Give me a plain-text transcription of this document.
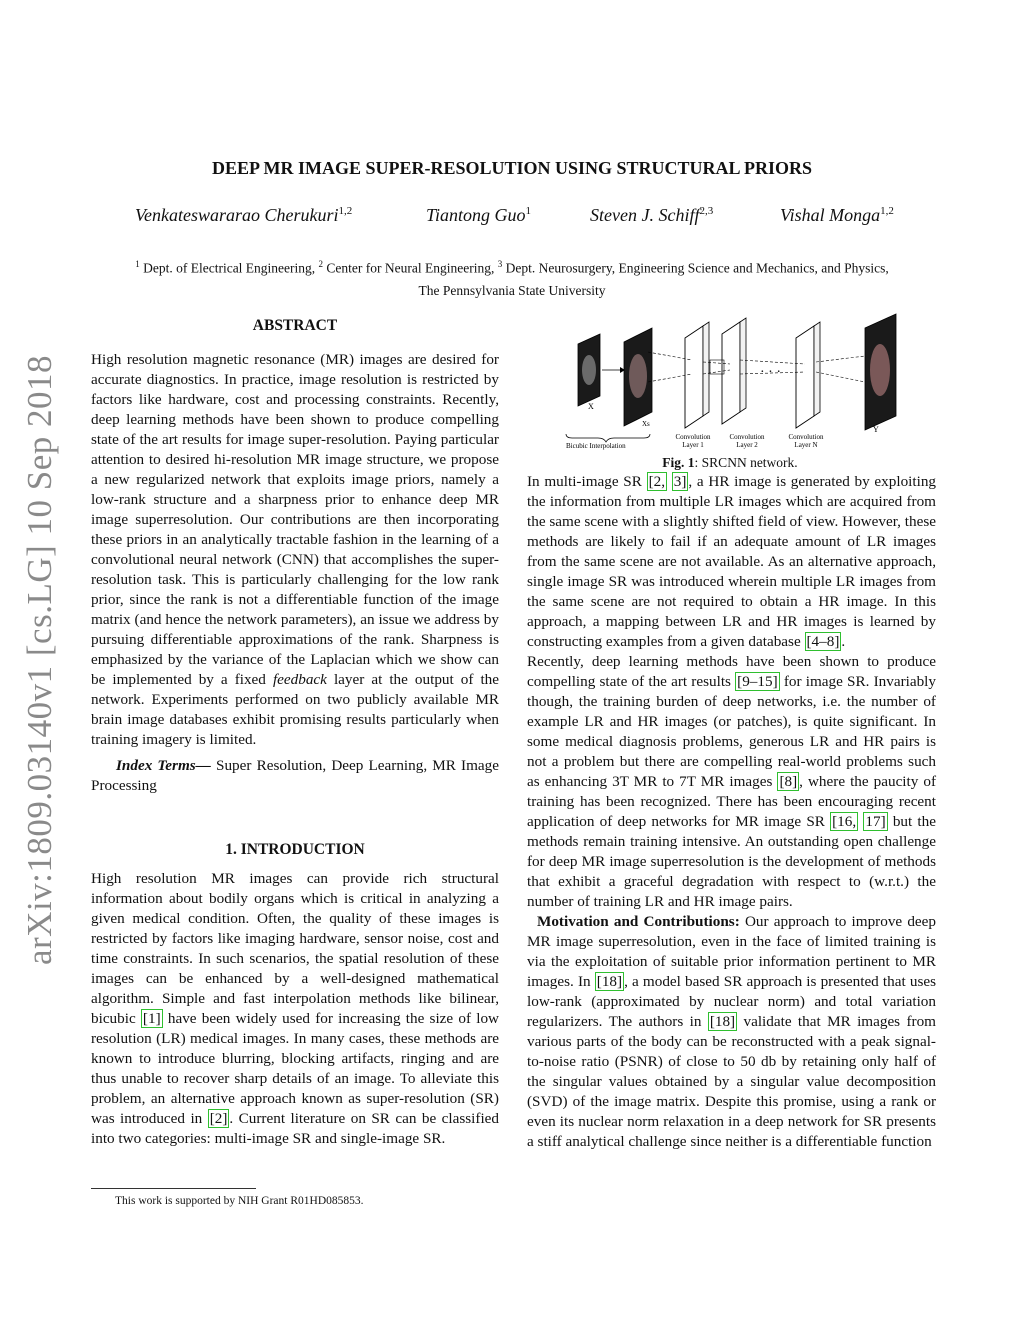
arXiv:1809.03140v1 [cs.LG] 10 Sep 2018
DEEP MR IMAGE SUPER-RESOLUTION USING STRUCTURAL PRIORS
Venkateswararao Cherukuri$^{1,2}$	Tiantong Guo$^1$	Steven J. Schiff$^{2,3}$	Vishal Monga$^{1,2}$
$^1$ Dept. of Electrical Engineering, $^2$ Center for Neural Engineering, $^3$ Dept. Neurosurgery, Engineering Science and Mechanics, and Physics,
The Pennsylvania State University
ABSTRACT

High resolution magnetic resonance (MR) images are desired for accurate diagnostics. In practice, image resolution is restricted by factors like hardware, cost and processing constraints. Recently, deep learning methods have been shown to produce compelling state of the art results for image super-resolution. Paying particular attention to desired hi-resolution MR image structure, we propose a new regularized network that exploits image priors, namely a low-rank structure and a sharpness prior to enhance deep MR image superresolution. Our contributions are then incorporating these priors in an analytically tractable fashion in the learning of a convolutional neural network (CNN) that accomplishes the super-resolution task. This is particularly challenging for the low rank prior, since the rank is not a differentiable function of the image matrix (and hence the network parameters), an issue we address by pursuing differentiable approximations of the rank. Sharpness is emphasized by the variance of the Laplacian which we show can be implemented by a fixed feedback layer at the output of the network. Experiments performed on two publicly available MR brain image databases exhibit promising results particularly when training imagery is limited.

Index Terms— Super Resolution, Deep Learning, MR Image Processing

1. INTRODUCTION

High resolution MR images can provide rich structural information about bodily organs which is critical in analyzing a given medical condition. Often, the quality of these images is restricted by factors like imaging hardware, sensor noise, cost and time constraints. In such scenarios, the spatial resolution of these images can be enhanced by a well-designed mathematical algorithm. Simple and fast interpolation methods like bilinear, bicubic [1] have been widely used for increasing the size of low resolution (LR) medical images. In many cases, these methods are known to introduce blurring, blocking artifacts, ringing and are thus unable to recover sharp details of an image. To alleviate this problem, an alternative approach known as super-resolution (SR) was introduced in [2] . Current literature on SR can be classified into two categories: multi-image SR and single-image SR.

X
Xs
Bicubic Interpolation
· · ·
Y
Convolution
Layer 1
Convolution
Layer 2
Convolution
Layer N
Fig. 1: SRCNN network.

In multi-image SR [2, 3] , a HR image is generated by exploiting the information from multiple LR images which are acquired from the same scene with a slightly shifted field of view. However, these methods are likely to fail if an adequate amount of LR images from the same scene are not available. As an alternative approach, single image SR was introduced wherein multiple LR images from the same scene are not required to obtain a HR image. In this approach, a mapping between LR and HR images is learned by constructing examples from a given database [4–8] .

Recently, deep learning methods have been shown to produce compelling state of the art results [9–15] for image SR. Invariably though, the training burden of deep networks, i.e. the number of example LR and HR images (or patches), is quite significant. In some medical diagnosis problems, generous LR and HR pairs is not a problem but there are compelling real-world problems such as enhancing 3T MR to 7T MR images [8] , where the paucity of training has been recognized. There has been encouraging recent application of deep networks for MR image SR [16, 17] but the methods remain training intensive. An outstanding open challenge for deep MR image superresolution is the development of methods that exhibit a graceful degradation with respect to (w.r.t.) the number of training LR and HR image pairs.

Motivation and Contributions: Our approach to improve deep MR image superresolution, even in the face of limited training is via the exploitation of suitable prior information pertinent to MR images. In [18] , a model based SR approach is presented that uses low-rank (approximated by nuclear norm) and total variation regularizers. The authors in [18] validate that MR images from various parts of the body can be reconstructed with a peak signal-to-noise ratio (PSNR) of close to 50 db by retaining only half of the singular values obtained by a singular value decomposition (SVD) of the image matrix. Despite this promise, using a rank or even its nuclear norm relaxation in a deep network for SR presents a stiff analytical challenge since neither is a differentiable function

This work is supported by NIH Grant R01HD085853.
